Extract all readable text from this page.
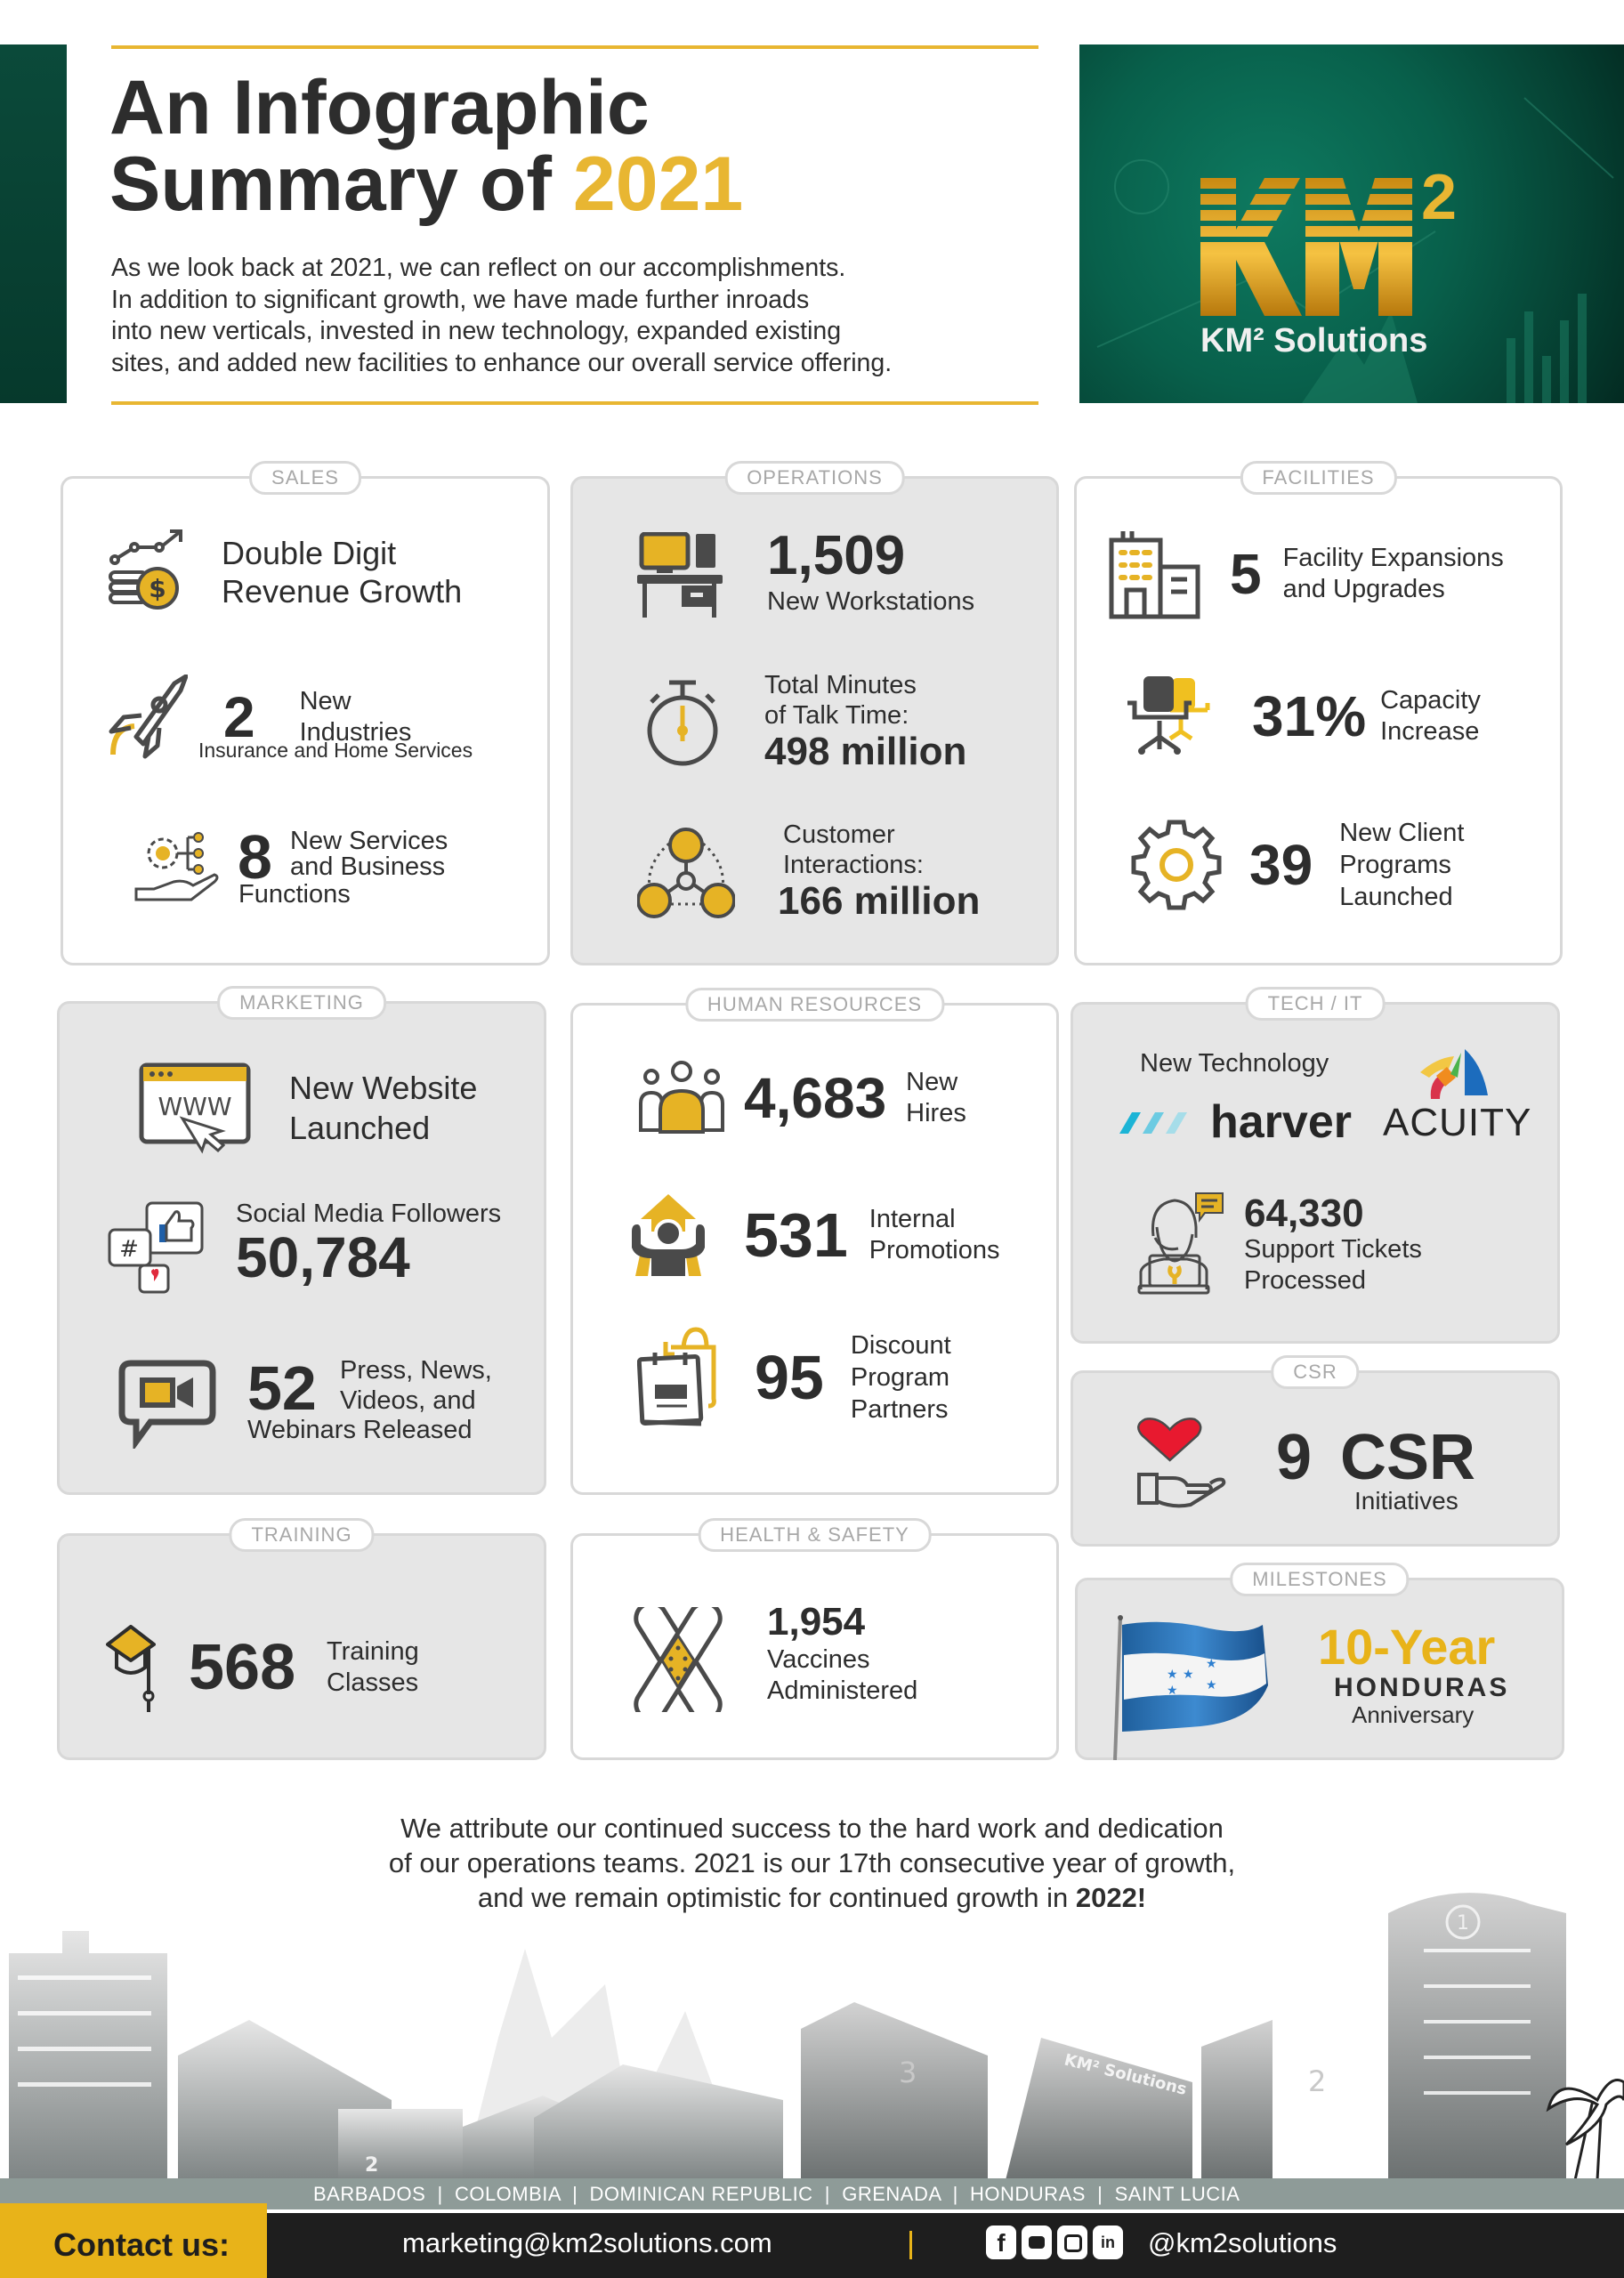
An Infographic
Summary of 2021
As we look back at 2021, we can reflect on our accomplishments.
In addition to significant growth, we have made further inroads
into new verticals, invested in new technology, expanded existing
sites, and added new facilities to enhance our overall service offering.
2
KM² Solutions
SALES
$
Double Digit
Revenue Growth
2 New
Industries
Insurance and Home Services
8 New Services
and Business
Functions
OPERATIONS
1,509
New Workstations
Total Minutes
of Talk Time:
498 million
Customer
Interactions:
166 million
FACILITIES
5 Facility Expansions
and Upgrades
31% Capacity
Increase
39 New Client
Programs
Launched
MARKETING
WWW
New Website
Launched
#
Social Media Followers
50,784
52 Press, News,
Videos, and
Webinars Released
HUMAN RESOURCES
4,683 New
Hires
531 Internal
Promotions
95 Discount
Program
Partners
TECH / IT
New Technology
harver ACUITY
64,330
Support Tickets
Processed
CSR
9 CSR
Initiatives
TRAINING
568 Training
Classes
HEALTH & SAFETY
1,954
Vaccines
Administered
MILESTONES
★ ★
★
★
★
10-Year
HONDURAS
Anniversary
1
2
3	2
KM² Solutions
We attribute our continued success to the hard work and dedication
of our operations teams. 2021 is our 17th consecutive year of growth,
and we remain optimistic for continued growth in 2022!
BARBADOS  |  COLOMBIA  |  DOMINICAN REPUBLIC  |  GRENADA  |  HONDURAS  |  SAINT LUCIA
marketing@km2solutions.com	f	in @km2solutions
Contact us:
